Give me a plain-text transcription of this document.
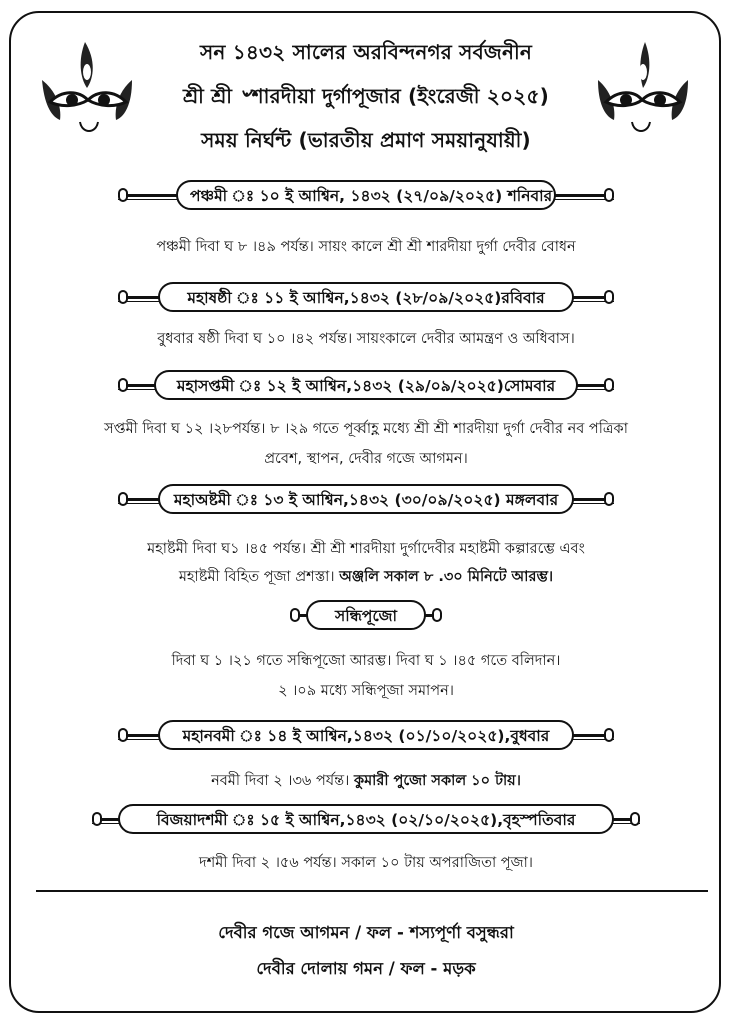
সন ১৪৩২ সালের অরবিন্দনগর সর্বজনীন
শ্রী শ্রী ৺শারদীয়া দুর্গাপূজার (ইংরেজী ২০২৫)
সময় নির্ঘন্ট (ভারতীয় প্রমাণ সময়ানুযায়ী)
পঞ্চমী ঃ ১০ ই আশ্বিন, ১৪৩২ (২৭/০৯/২০২৫) শনিবার
পঞ্চমী দিবা ঘ ৮ ।৪৯ পর্যন্ত। সায়ং কালে শ্রী শ্রী শারদীয়া দুর্গা দেবীর বোধন
মহাষষ্ঠী ঃ ১১ ই আশ্বিন,১৪৩২ (২৮/০৯/২০২৫)রবিবার
বুধবার ষষ্ঠী দিবা ঘ ১০ ।৪২ পর্যন্ত। সায়ংকালে দেবীর আমন্ত্রণ ও অধিবাস।
মহাসপ্তমী ঃ ১২ ই আশ্বিন,১৪৩২ (২৯/০৯/২০২৫)সোমবার
সপ্তমী দিবা ঘ ১২ ।২৮পর্যন্ত। ৮ ।২৯ গতে পূর্ব্বাহ্ণ মধ্যে শ্রী শ্রী শারদীয়া দুর্গা দেবীর নব পত্রিকা
প্রবেশ, স্থাপন, দেবীর গজে আগমন।
মহাঅষ্টমী ঃ ১৩ ই আশ্বিন,১৪৩২ (৩০/০৯/২০২৫) মঙ্গলবার
মহাষ্টমী দিবা ঘ১ ।৪৫ পর্যন্ত। শ্রী শ্রী শারদীয়া দুর্গাদেবীর মহাষ্টমী কল্পারম্ভে এবং
মহাষ্টমী বিহিত পূজা প্রশস্তা। অঞ্জলি সকাল ৮ .৩০ মিনিটে আরম্ভ।
সন্ধিপূজো
দিবা ঘ ১ ।২১ গতে সন্ধিপূজো আরম্ভ। দিবা ঘ ১ ।৪৫ গতে বলিদান।
২ ।০৯ মধ্যে সন্ধিপূজা সমাপন।
মহানবমী ঃ ১৪ ই আশ্বিন,১৪৩২ (০১/১০/২০২৫),বুধবার
নবমী দিবা ২ ।৩৬ পর্যন্ত। কুমারী পুজো সকাল ১০ টায়।
বিজয়াদশমী ঃ ১৫ ই আশ্বিন,১৪৩২ (০২/১০/২০২৫),বৃহস্পতিবার
দশমী দিবা ২ ।৫৬ পর্যন্ত। সকাল ১০ টায় অপরাজিতা পূজা।
দেবীর গজে আগমন / ফল - শস্যপূর্ণা বসুন্ধরা
দেবীর দোলায় গমন / ফল - মড়ক
